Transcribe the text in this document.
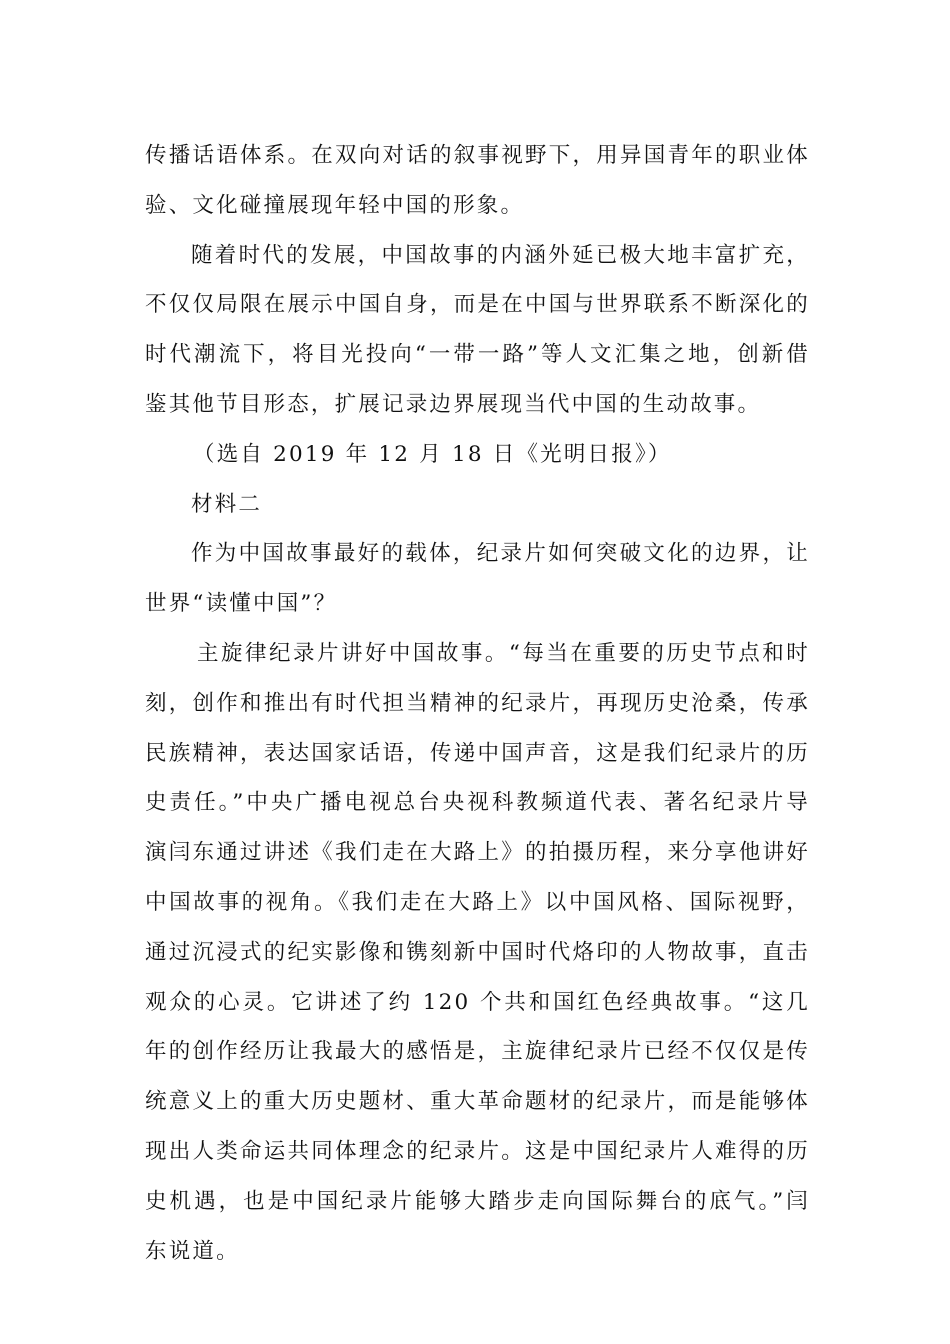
传播话语体系。在双向对话的叙事视野下，用异国青年的职业体验、文化碰撞展现年轻中国的形象。

随着时代的发展，中国故事的内涵外延已极大地丰富扩充，不仅仅局限在展示中国自身，而是在中国与世界联系不断深化的时代潮流下，将目光投向“一带一路”等人文汇集之地，创新借鉴其他节目形态，扩展记录边界展现当代中国的生动故事。

（选自 2019 年 12 月 18 日《光明日报》）

材料二

作为中国故事最好的载体，纪录片如何突破文化的边界，让世界“读懂中国”？

主旋律纪录片讲好中国故事。“每当在重要的历史节点和时刻，创作和推出有时代担当精神的纪录片，再现历史沧桑，传承民族精神，表达国家话语，传递中国声音，这是我们纪录片的历史责任。”中央广播电视总台央视科教频道代表、著名纪录片导演闫东通过讲述《我们走在大路上》的拍摄历程，来分享他讲好中国故事的视角。《我们走在大路上》以中国风格、国际视野，通过沉浸式的纪实影像和镌刻新中国时代烙印的人物故事，直击观众的心灵。它讲述了约 120 个共和国红色经典故事。“这几年的创作经历让我最大的感悟是，主旋律纪录片已经不仅仅是传统意义上的重大历史题材、重大革命题材的纪录片，而是能够体现出人类命运共同体理念的纪录片。这是中国纪录片人难得的历史机遇，也是中国纪录片能够大踏步走向国际舞台的底气。”闫东说道。
